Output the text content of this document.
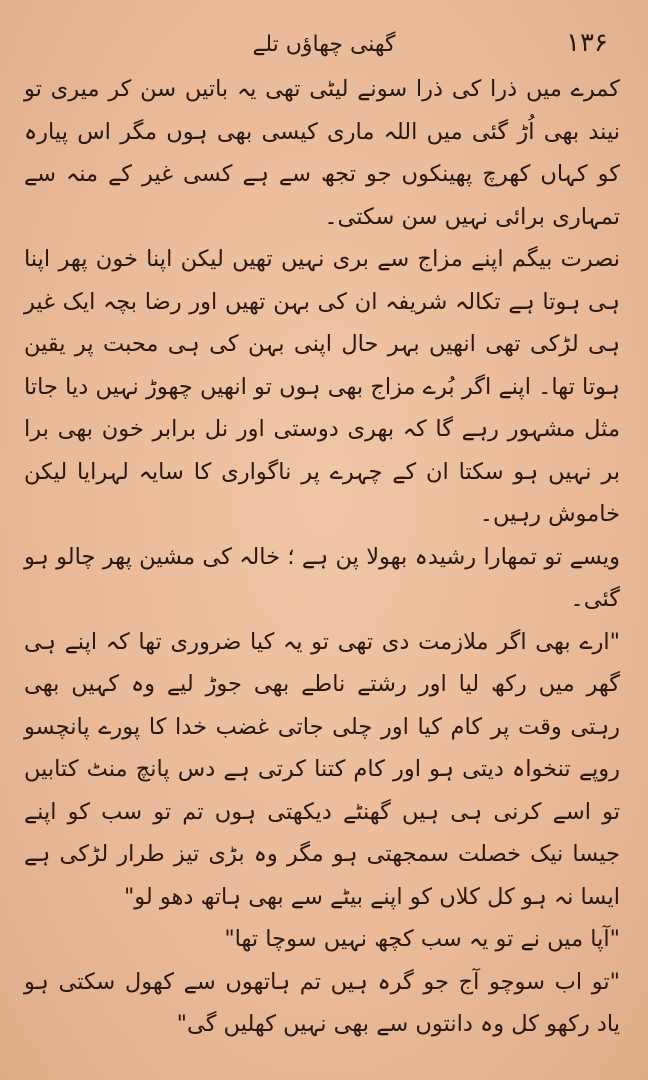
۱۳۶
گھنی چھاؤں تلے

کمرے میں ذرا کی ذرا سونے لیٹی تھی یہ باتیں سن کر میری تو نیند بھی اُڑ گئی میں اللہ ماری کیسی بھی ہوں مگر اس پیارہ کو کہاں کھرچ پھینکوں جو تجھ سے ہے کسی غیر کے منہ سے تمہاری برائی نہیں سن سکتی۔

نصرت بیگم اپنے مزاج سے بری نہیں تھیں لیکن اپنا خون پھر اپنا ہی ہوتا ہے تکالہ شریفہ ان کی بہن تھیں اور رضا بچہ ایک غیر ہی لڑکی تھی انھیں بہر حال اپنی بہن کی ہی محبت پر یقین ہوتا تھا۔ اپنے اگر بُرے مزاج بھی ہوں تو انھیں چھوڑ نہیں دیا جاتا مثل مشہور رہے گا کہ بھری دوستی اور نل برابر خون بھی برا بر نہیں ہو سکتا ان کے چہرے پر ناگواری کا سایہ لہرایا لیکن خاموش رہیں۔

ویسے تو تمھارا رشیدہ بھولا پن ہے ؛ خالہ کی مشین پھر چالو ہو گئی۔

"ارے بھی اگر ملازمت دی تھی تو یہ کیا ضروری تھا کہ اپنے ہی گھر میں رکھ لیا اور رشتے ناطے بھی جوڑ لیے وہ کہیں بھی رہتی وقت پر کام کیا اور چلی جاتی غضب خدا کا پورے پانچسو روپے تنخواہ دیتی ہو اور کام کتنا کرتی ہے دس پانچ منٹ کتابیں تو اسے کرنی ہی ہیں گھنٹے دیکھتی ہوں تم تو سب کو اپنے جیسا نیک خصلت سمجھتی ہو مگر وہ بڑی تیز طرار لڑکی ہے ایسا نہ ہو کل کلاں کو اپنے بیٹے سے بھی ہاتھ دھو لو"

"آپا میں نے تو یہ سب کچھ نہیں سوچا تھا"

"تو اب سوچو آج جو گرہ ہیں تم ہاتھوں سے کھول سکتی ہو یاد رکھو کل وہ دانتوں سے بھی نہیں کھلیں گی"
